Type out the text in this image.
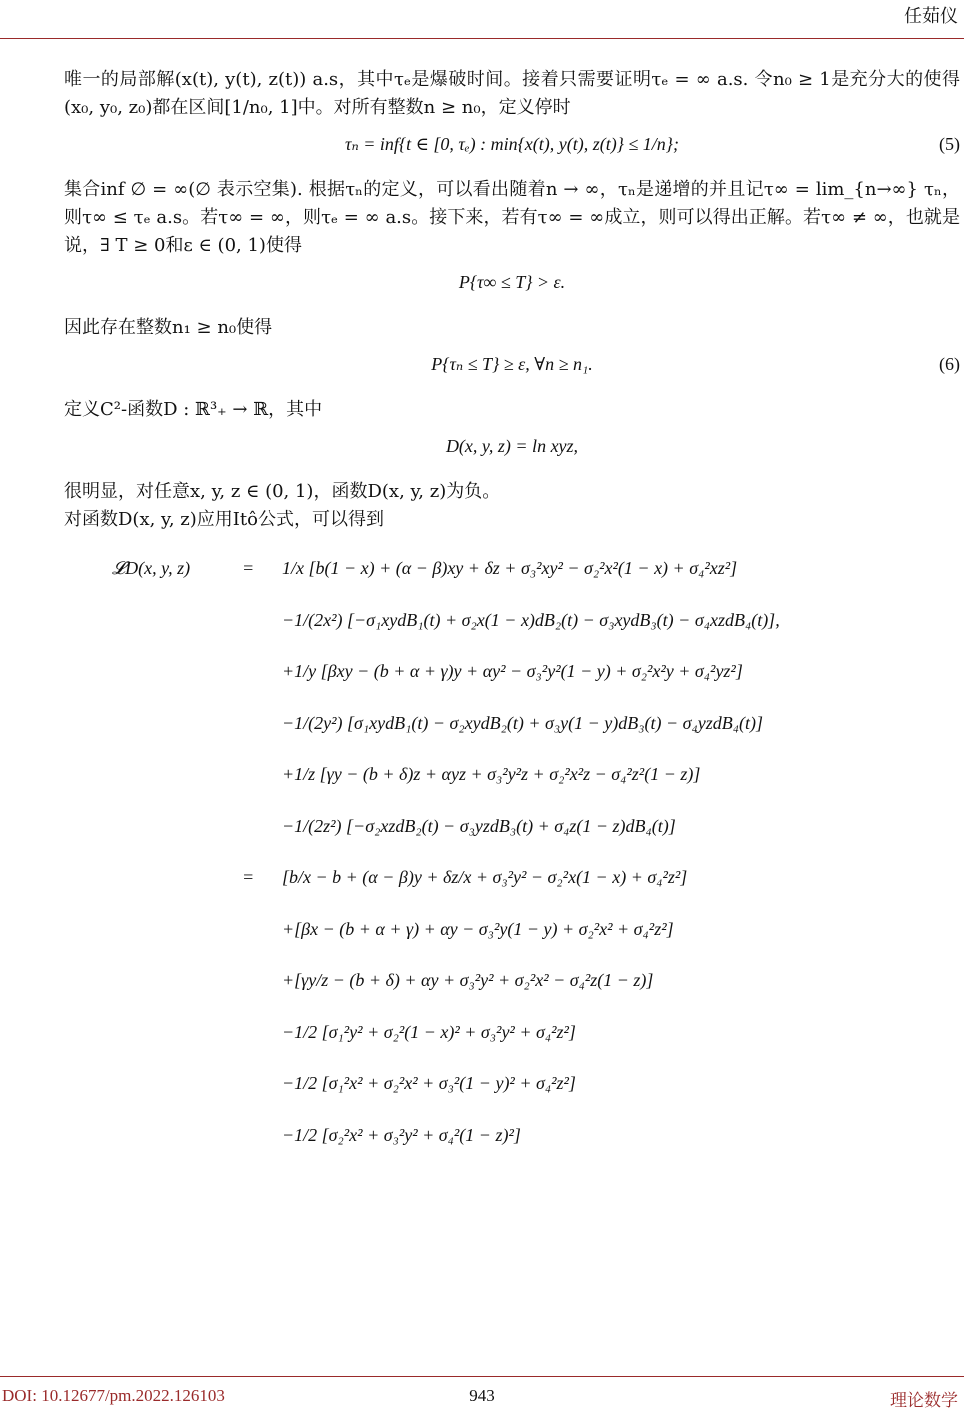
任茹仪

唯一的局部解(x(t), y(t), z(t)) a.s，其中τₑ是爆破时间。接着只需要证明τₑ = ∞ a.s. 令n₀ ≥ 1是充分大的使得(x₀, y₀, z₀)都在区间[1/n₀, 1]中。对所有整数n ≥ n₀，定义停时

τₙ = inf{t ∈ [0, τₑ) : min{x(t), y(t), z(t)} ≤ 1/n};	(5)

集合inf ∅ = ∞(∅ 表示空集). 根据τₙ的定义，可以看出随着n → ∞，τₙ是递增的并且记τ∞ = lim_{n→∞} τₙ，则τ∞ ≤ τₑ a.s。若τ∞ = ∞，则τₑ = ∞ a.s。接下来，若有τ∞ = ∞成立，则可以得出正解。若τ∞ ≠ ∞，也就是说，∃ T ≥ 0和ε ∈ (0, 1)使得

P{τ∞ ≤ T} > ε.

因此存在整数n₁ ≥ n₀使得

P{τₙ ≤ T} ≥ ε, ∀n ≥ n₁.	(6)

定义C²-函数D : ℝ³₊ → ℝ，其中

D(x, y, z) = ln xyz,

很明显，对任意x, y, z ∈ (0, 1)，函数D(x, y, z)为负。

对函数D(x, y, z)应用Itô公式，可以得到

𝓛D(x, y, z)	= 1/x [b(1 − x) + (α − β)xy + δz + σ₃²xy² − σ₂²x²(1 − x) + σ₄²xz²]
−1/(2x²) [−σ₁xydB₁(t) + σ₂x(1 − x)dB₂(t) − σ₃xydB₃(t) − σ₄xzdB₄(t)],
+1/y [βxy − (b + α + γ)y + αy² − σ₃²y²(1 − y) + σ₂²x²y + σ₄²yz²]
−1/(2y²) [σ₁xydB₁(t) − σ₂xydB₂(t) + σ₃y(1 − y)dB₃(t) − σ₄yzdB₄(t)]
+1/z [γy − (b + δ)z + αyz + σ₃²y²z + σ₂²x²z − σ₄²z²(1 − z)]
−1/(2z²) [−σ₂xzdB₂(t) − σ₃yzdB₃(t) + σ₄z(1 − z)dB₄(t)]
= [b/x − b + (α − β)y + δz/x + σ₃²y² − σ₂²x(1 − x) + σ₄²z²]
+[βx − (b + α + γ) + αy − σ₃²y(1 − y) + σ₂²x² + σ₄²z²]
+[γy/z − (b + δ) + αy + σ₃²y² + σ₂²x² − σ₄²z(1 − z)]
−1/2 [σ₁²y² + σ₂²(1 − x)² + σ₃²y² + σ₄²z²]
−1/2 [σ₁²x² + σ₂²x² + σ₃²(1 − y)² + σ₄²z²]
−1/2 [σ₂²x² + σ₃²y² + σ₄²(1 − z)²]
DOI: 10.12677/pm.2022.126103	943	理论数学
